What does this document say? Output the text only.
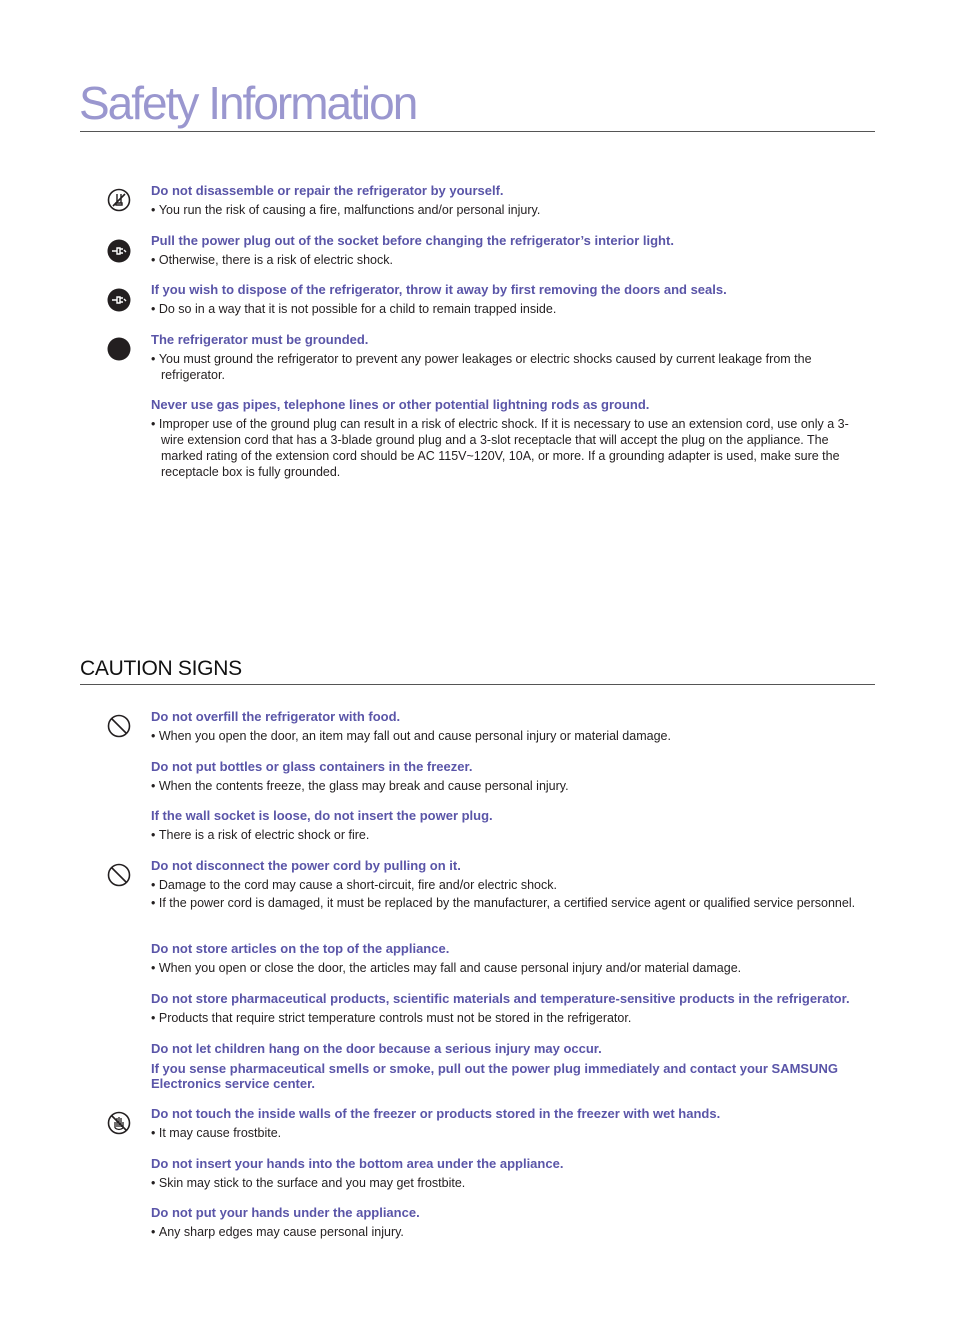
Safety Information

Do not disassemble or repair the refrigerator by yourself.

• You run the risk of causing a fire, malfunctions and/or personal injury.

Pull the power plug out of the socket before changing the refrigerator’s interior light.

• Otherwise, there is a risk of electric shock.

If you wish to dispose of the refrigerator, throw it away by first removing the doors and seals.

• Do so in a way that it is not possible for a child to remain trapped inside.

The refrigerator must be grounded.

• You must ground the refrigerator to prevent any power leakages or electric shocks caused by current leakage from the refrigerator.

Never use gas pipes, telephone lines or other potential lightning rods as ground.

• Improper use of the ground plug can result in a risk of electric shock. If it is necessary to use an extension cord, use only a 3-wire extension cord that has a 3-blade ground plug and a 3-slot receptacle that will accept the plug on the appliance. The marked rating of the extension cord should be AC 115V~120V, 10A, or more. If a grounding adapter is used, make sure the receptacle box is fully grounded.

CAUTION SIGNS

Do not overfill the refrigerator with food.

• When you open the door, an item may fall out and cause personal injury or material damage.

Do not put bottles or glass containers in the freezer.

• When the contents freeze, the glass may break and cause personal injury.

If the wall socket is loose, do not insert the power plug.

• There is a risk of electric shock or fire.

Do not disconnect the power cord by pulling on it.

• Damage to the cord may cause a short-circuit, fire and/or electric shock.

• If the power cord is damaged, it must be replaced by the manufacturer, a certified service agent or qualified service personnel.

Do not store articles on the top of the appliance.

• When you open or close the door, the articles may fall and cause personal injury and/or material damage.

Do not store pharmaceutical products, scientific materials and temperature-sensitive products in the refrigerator.

• Products that require strict temperature controls must not be stored in the refrigerator.

Do not let children hang on the door because a serious injury may occur.

If you sense pharmaceutical smells or smoke, pull out the power plug immediately and contact your SAMSUNG Electronics service center.

Do not touch the inside walls of the freezer or products stored in the freezer with wet hands.

• It may cause frostbite.

Do not insert your hands into the bottom area under the appliance.

• Skin may stick to the surface and you may get frostbite.

Do not put your hands under the appliance.

• Any sharp edges may cause personal injury.
